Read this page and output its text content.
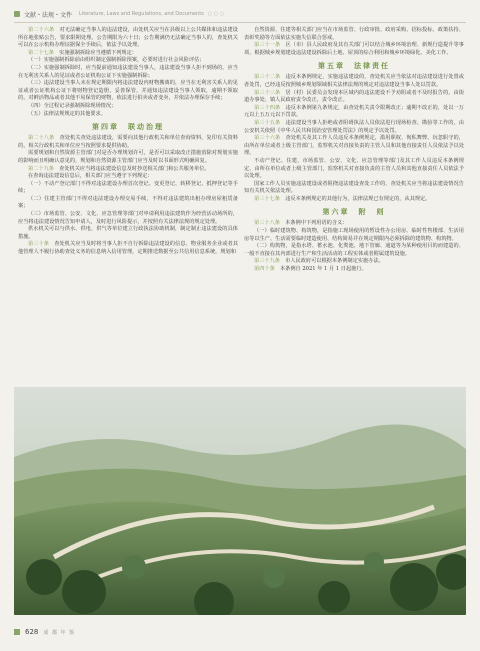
文献・法规・文件 Literature, Laws and Regulations, and Documents ○ ○ ○

第二十六条　 对无法确定当事人的违法建设，由处机关应当在县级以上公共媒体和违法建设所在地张贴公告，要求限期处理。公告期限为六十日；公告期满仍无法确定当事人的，查处机关可以在公示机构办理证据保全手续后，依法予以处理。

第二十七条　 实施强制拆除应当遵循下列规定：

（一）实施强制拆除前由组织制定强制拆除预案，必要时进行社会风险评估；

（二）实施强制拆除时，应当提前通知违法建设当事人，违法建设当事人拒不到场的，应当在无利害关系人的见证或者公证机构公证下实施强制拆除；

（三）违法建设当事人未在规定期限内将违法建设内财物搬离的，应当在无利害关系人的见证或者公证机构公证下将财物登记造册，妥善保管，并通知违法建设当事人领取，逾期不领取的，对鲜活物品或者其他不易保管的财物，依法进行拍卖或者变卖，并依法办理保存手续；

（四）全过程记录强制拆除现场情况；

（五）法律法规规定的其他要求。

第四章　联动治理

第二十八条　 查处机关查处违法建设，需要向其他行政机关和单位查询资料，复印有关资料的，相关行政机关和单位应当按照要求提供协助。

需要规划和自然资源主管部门对是否办理规划许可，是否可以采取改正措施消除对规划实施的影响而且明确认意见的，规划和自然资源主管部门应当及时以书面形式明确回复。

第二十九条　 查处机关应当将违法建设信息及时抄送相关部门和公共服务单位。

在查询违法建设信息后，相关部门应当遵守下列规定：

（一）不动产登记部门不得对违法建设办理首次登记、变更登记、转移登记、抵押登记等手续；

（二）住建主管部门不得对违法建设办理交易手续，不得对违法建筑出租办理房屋租赁备案；

（三）市场监管、公安、文化、应急管理等部门对申请利用违法建筑作为经营活动场所的，应当将违法建设情况告知申请人，及时进行风险提示，并按照有关法律法规的规定处理。

供水机关可以与供水、供电、供气等单位建立行政执法协助机制，制定制止违法建设的具体措施。

第三十条　 查处机关应当及时将当事人拒不自行拆除违法建设的信息、物业服务企业或者其他管理人不履行协助查处义务的信息纳入信用管理，定期推送数据至公共信用信息系统，规划和

自然资源、住建等相关部门应当在市场监管、行政审批、政府采购、招标投标、政策扶持、表彰奖励等方面依法实施失信联合惩戒。

第三十一条　 区（市）县人民政府及其有关部门可以结合城乡环境治理、新规行造提升等事项，根据城乡规划建设违法建设拆除后土地、屋顶的综合利用和城乡环境绿化、美化工作。

第五章　法律责任

第三十二条　 违反本条例规定，实施违法建设的，查处机关应当依法对违法建设进行处置或者处罚，已经违反按照城乡规划领域相关法律法规的规定对违法建设当事人处以罚款。

第三十三条　 居（村）民委员会发现本区域内的违法建设不予劝阻或者不及时报告的，由街道办事处、镇人民政府责令改正，责令改正。

第三十四条　 违反本条例第九条规定，由查处机关责令限期改正；逾期不改正的，处以一万元以上五万元以下罚款。

第三十五条　 违法建设当事人拒绝或者阻碍执法人员依法进行现场检查、勘验等工作的，由公安机关依照《中华人民共和国治安管理处罚法》的规定予以处罚。

第三十六条　 查处机关及其工作人员违反本条例规定，滥用职权、徇私舞弊、玩忽职守的，由所在单位或者上级主管部门，监察机关对直接负责的主管人员和其他直接责任人员依法予以处理。

不动产登记、住建、市场监管、公安、文化、应急管理等部门及其工作人员违反本条例规定，由所在单位或者上级主管部门，监察机关对直接负责的主管人员和其他直接责任人员依法予以处理。

国家工作人员实施违法建设或者阻挠违法建设查处工作的，查处机关应当将违法建设情况告知有关机关依法处理。

第三十七条　 违反本条例规定的其他行为，法律法规已有规定的，从其规定。

第六章　附　则

第三十八条　 本条例中下列用语的含义：

（一）临时建筑物、构筑物，是指施工现场使用的暂设性办公用房、临时性售楼部、生活用房等以生产、生活需要临时建造使用、结构简易并在规定期限内必须拆除的建筑物、构筑物。

（二）构筑物，是指水塔、蓄水池、化粪池、地下管廊、通道等为某种使用目的而建造的、一般不直接在其内部进行生产和生活活动的工程实体或者附属建筑设施。

第三十九条　 市人民政府可以根据本条例制定实施办法。

第四十条　 本条例自 2021 年 1 月 1 日起施行。

628 成 都 年 鉴
